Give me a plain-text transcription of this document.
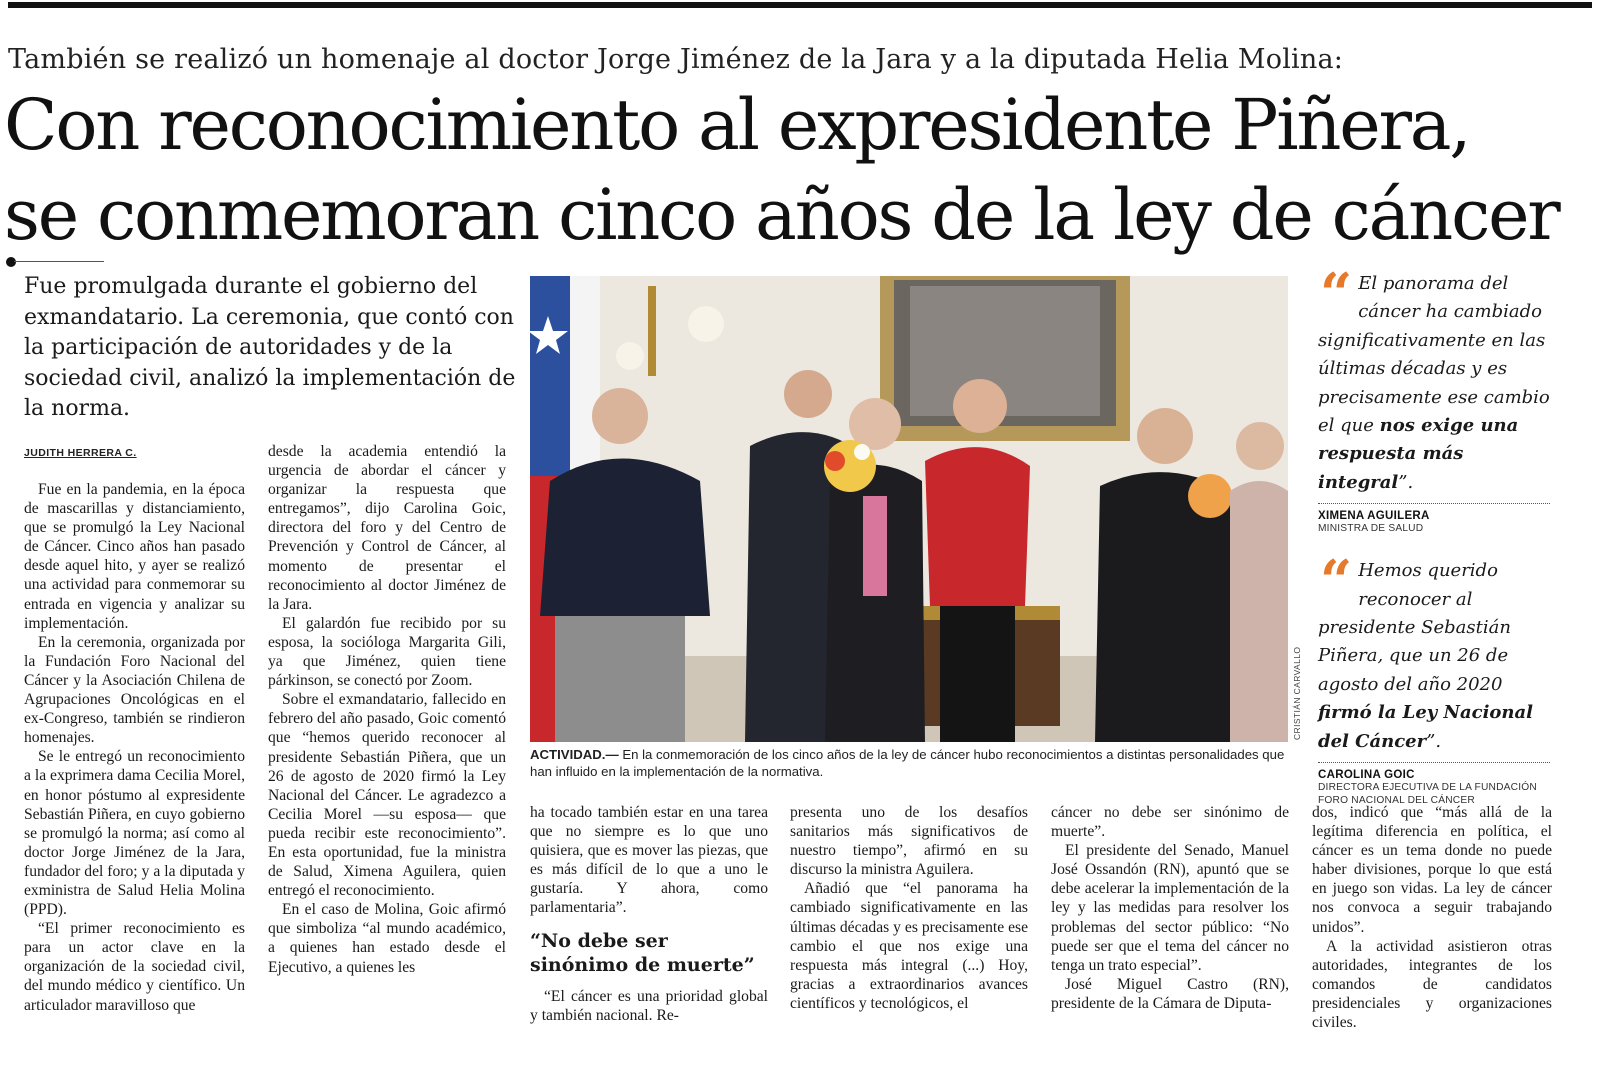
También se realizó un homenaje al doctor Jorge Jiménez de la Jara y a la diputada Helia Molina:
Con reconocimiento al expresidente Piñera,
se conmemoran cinco años de la ley de cáncer
Fue promulgada durante el gobierno del exmandatario. La ceremonia, que contó con la participación de autoridades y de la sociedad civil, analizó la implementación de la norma.
JUDITH HERRERA C.

Fue en la pandemia, en la época de mascarillas y distanciamiento, que se promulgó la Ley Nacional de Cáncer. Cinco años han pasado desde aquel hito, y ayer se realizó una actividad para conmemorar su entrada en vigencia y analizar su implementación.

En la ceremonia, organizada por la Fundación Foro Nacional del Cáncer y la Asociación Chilena de Agrupaciones Oncológicas en el ex-Congreso, también se rindieron homenajes.

Se le entregó un reconocimiento a la exprimera dama Cecilia Morel, en honor póstumo al expresidente Sebastián Piñera, en cuyo gobierno se promulgó la norma; así como al doctor Jorge Jiménez de la Jara, fundador del foro; y a la diputada y exministra de Salud Helia Molina (PPD).

“El primer reconocimiento es para un actor clave en la organización de la sociedad civil, del mundo médico y científico. Un articulador maravilloso que

desde la academia entendió la urgencia de abordar el cáncer y organizar la respuesta que entregamos”, dijo Carolina Goic, directora del foro y del Centro de Prevención y Control de Cáncer, al momento de presentar el reconocimiento al doctor Jiménez de la Jara.

El galardón fue recibido por su esposa, la socióloga Margarita Gili, ya que Jiménez, quien tiene párkinson, se conectó por Zoom.

Sobre el exmandatario, fallecido en febrero del año pasado, Goic comentó que “hemos querido reconocer al presidente Sebastián Piñera, que un 26 de agosto de 2020 firmó la Ley Nacional del Cáncer. Le agradezco a Cecilia Morel —su esposa— que pueda recibir este reconocimiento”. En esta oportunidad, fue la ministra de Salud, Ximena Aguilera, quien entregó el reconocimiento.

En el caso de Molina, Goic afirmó que simboliza “al mundo académico, a quienes han estado desde el Ejecutivo, a quienes les

CRISTIÁN CARVALLO
ACTIVIDAD.— En la conmemoración de los cinco años de la ley de cáncer hubo reconocimientos a distintas personalidades que han influido en la implementación de la normativa.

ha tocado también estar en una tarea que no siempre es lo que uno quisiera, que es mover las piezas, que es más difícil de lo que a uno le gustaría. Y ahora, como parlamentaria”.

“No debe ser sinónimo de muerte”

“El cáncer es una prioridad global y también nacional. Re-

presenta uno de los desafíos sanitarios más significativos de nuestro tiempo”, afirmó en su discurso la ministra Aguilera.

Añadió que “el panorama ha cambiado significativamente en las últimas décadas y es precisamente ese cambio el que nos exige una respuesta más integral (...) Hoy, gracias a extraordinarios avances científicos y tecnológicos, el

cáncer no debe ser sinónimo de muerte”.

El presidente del Senado, Manuel José Ossandón (RN), apuntó que se debe acelerar la implementación de la ley y las medidas para resolver los problemas del sector público: “No puede ser que el tema del cáncer no tenga un trato especial”.

José Miguel Castro (RN), presidente de la Cámara de Diputa-

dos, indicó que “más allá de la legítima diferencia en política, el cáncer es un tema donde no puede haber divisiones, porque lo que está en juego son vidas. La ley de cáncer nos convoca a seguir trabajando unidos”.

A la actividad asistieron otras autoridades, integrantes de los comandos de candidatos presidenciales y organizaciones civiles.

“ El panorama del cáncer ha cambiado significativamente en las últimas décadas y es precisamente ese cambio el que nos exige una respuesta más integral”.
XIMENA AGUILERA
MINISTRA DE SALUD
“ Hemos querido reconocer al presidente Sebastián Piñera, que un 26 de agosto del año 2020 firmó la Ley Nacional del Cáncer”.
CAROLINA GOIC
DIRECTORA EJECUTIVA DE LA FUNDACIÓN FORO NACIONAL DEL CÁNCER
